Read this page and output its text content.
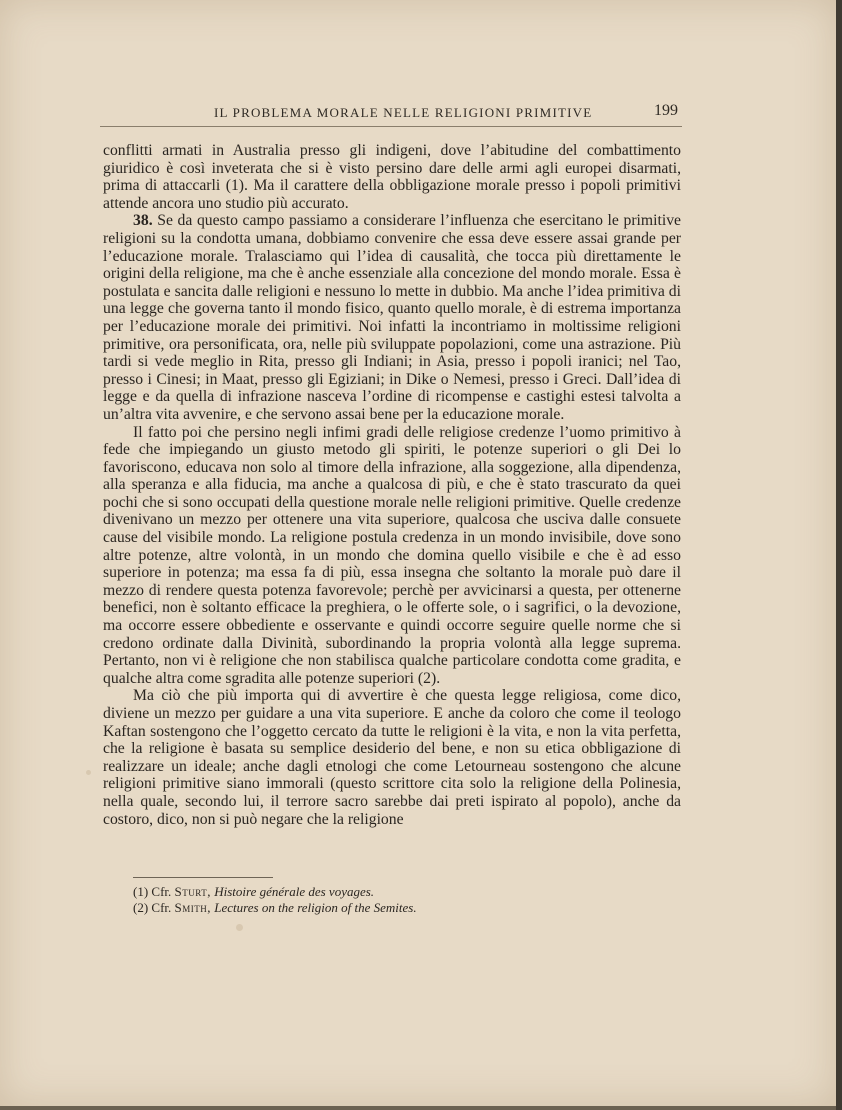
IL PROBLEMA MORALE NELLE RELIGIONI PRIMITIVE	199

conflitti armati in Australia presso gli indigeni, dove l’abitudine del combattimento giuridico è così inveterata che si è visto persino dare delle armi agli europei disarmati, prima di attaccarli (1). Ma il carattere della obbligazione morale presso i popoli primitivi attende ancora uno studio più accurato.

38. Se da questo campo passiamo a considerare l’influenza che esercitano le primitive religioni su la condotta umana, dobbiamo convenire che essa deve essere assai grande per l’educazione morale. Tralasciamo qui l’idea di causalità, che tocca più direttamente le origini della religione, ma che è anche essenziale alla concezione del mondo morale. Essa è postulata e sancita dalle religioni e nessuno lo mette in dubbio. Ma anche l’idea primitiva di una legge che governa tanto il mondo fisico, quanto quello morale, è di estrema importanza per l’educazione morale dei primitivi. Noi infatti la incontriamo in moltissime religioni primitive, ora personificata, ora, nelle più sviluppate popolazioni, come una astrazione. Più tardi si vede meglio in Rita, presso gli Indiani; in Asia, presso i popoli iranici; nel Tao, presso i Cinesi; in Maat, presso gli Egiziani; in Dike o Nemesi, presso i Greci. Dall’idea di legge e da quella di infrazione nasceva l’ordine di ricompense e castighi estesi talvolta a un’altra vita avvenire, e che servono assai bene per la educazione morale.

Il fatto poi che persino negli infimi gradi delle religiose credenze l’uomo primitivo à fede che impiegando un giusto metodo gli spiriti, le potenze superiori o gli Dei lo favoriscono, educava non solo al timore della infrazione, alla soggezione, alla dipendenza, alla speranza e alla fiducia, ma anche a qualcosa di più, e che è stato trascurato da quei pochi che si sono occupati della questione morale nelle religioni primitive. Quelle credenze divenivano un mezzo per ottenere una vita superiore, qualcosa che usciva dalle consuete cause del visibile mondo. La religione postula credenza in un mondo invisibile, dove sono altre potenze, altre volontà, in un mondo che domina quello visibile e che è ad esso superiore in potenza; ma essa fa di più, essa insegna che soltanto la morale può dare il mezzo di rendere questa potenza favorevole; perchè per avvicinarsi a questa, per ottenerne benefici, non è soltanto efficace la preghiera, o le offerte sole, o i sagrifici, o la devozione, ma occorre essere obbediente e osservante e quindi occorre seguire quelle norme che si credono ordinate dalla Divinità, subordinando la propria volontà alla legge suprema. Pertanto, non vi è religione che non stabilisca qualche particolare condotta come gradita, e qualche altra come sgradita alle potenze superiori (2).

Ma ciò che più importa qui di avvertire è che questa legge religiosa, come dico, diviene un mezzo per guidare a una vita superiore. E anche da coloro che come il teologo Kaftan sostengono che l’oggetto cercato da tutte le religioni è la vita, e non la vita perfetta, che la religione è basata su semplice desiderio del bene, e non su etica obbligazione di realizzare un ideale; anche dagli etnologi che come Letourneau sostengono che alcune religioni primitive siano immorali (questo scrittore cita solo la religione della Polinesia, nella quale, secondo lui, il terrore sacro sarebbe dai preti ispirato al popolo), anche da costoro, dico, non si può negare che la religione

(1) Cfr. Sturt, Histoire générale des voyages.

(2) Cfr. Smith, Lectures on the religion of the Semites.
